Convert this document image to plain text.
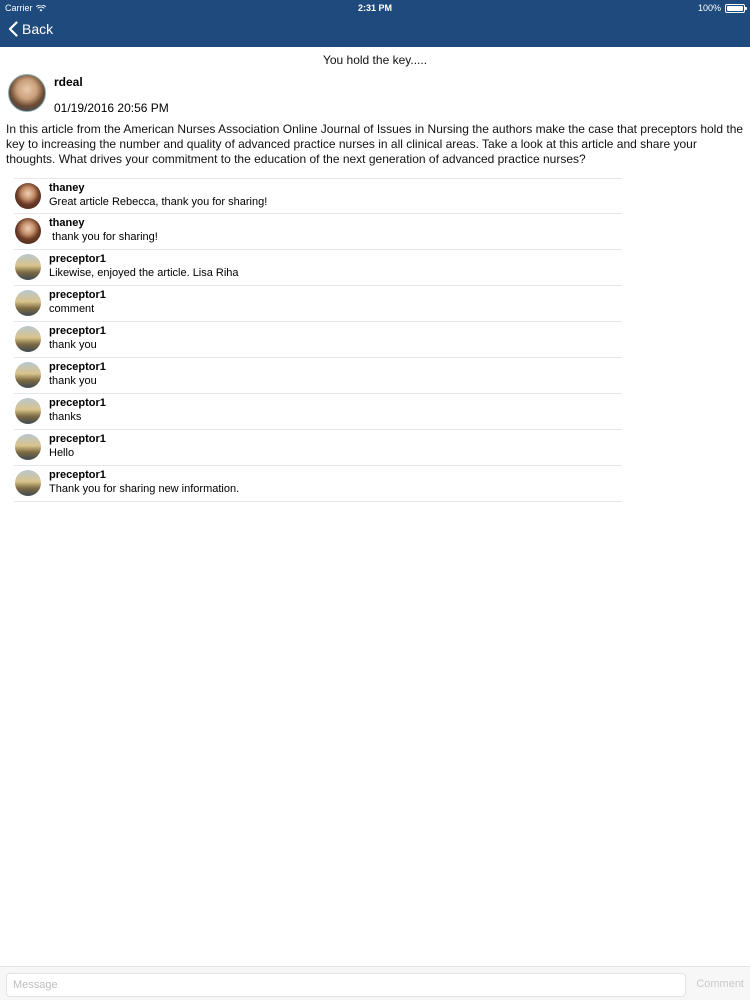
Carrier	2:31 PM	100%
Back
You hold the key.....
rdeal
01/19/2016 20:56 PM
In this article from the American Nurses Association Online Journal of Issues in Nursing the authors make the case that preceptors hold the key to increasing the number and quality of advanced practice nurses in all clinical areas. Take a look at this article and share your thoughts. What drives your commitment to the education of the next generation of advanced practice nurses?
thaney
Great article Rebecca, thank you for sharing!
thaney
thank you for sharing!
preceptor1
Likewise, enjoyed the article. Lisa Riha
preceptor1
comment
preceptor1
thank you
preceptor1
thank you
preceptor1
thanks
preceptor1
Hello
preceptor1
Thank you for sharing new information.
Message
Comment
